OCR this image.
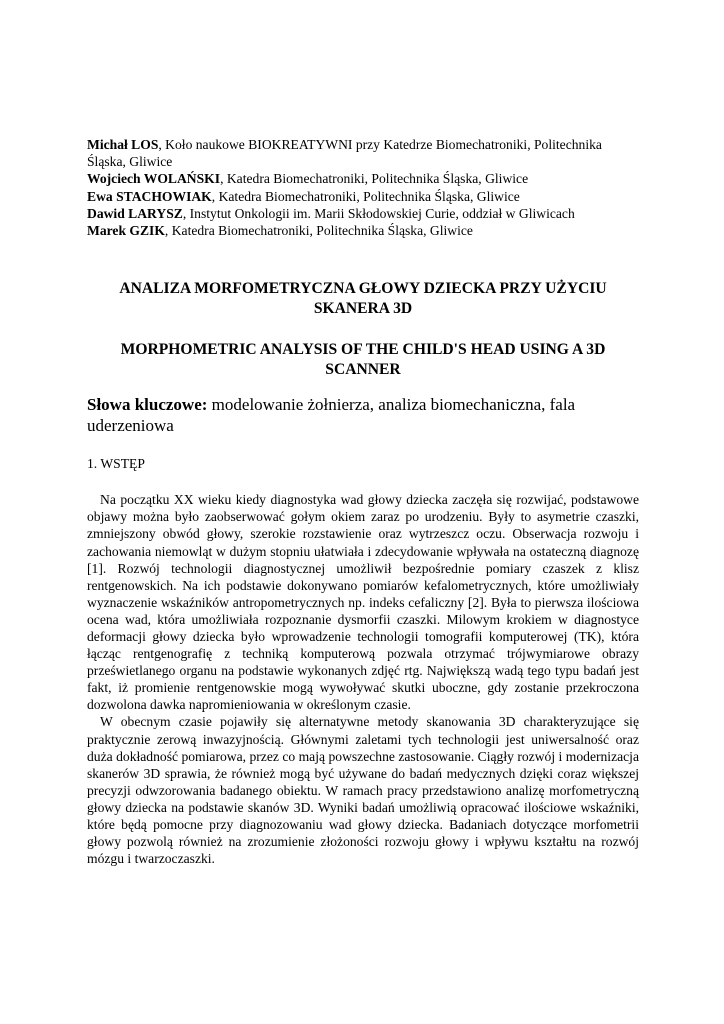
Michał LOS, Koło naukowe BIOKREATYWNI przy Katedrze Biomechatroniki, Politechnika Śląska, Gliwice
Wojciech WOLAŃSKI, Katedra Biomechatroniki, Politechnika Śląska, Gliwice
Ewa STACHOWIAK, Katedra Biomechatroniki, Politechnika Śląska, Gliwice
Dawid LARYSZ, Instytut Onkologii im. Marii Skłodowskiej Curie, oddział w Gliwicach
Marek GZIK, Katedra Biomechatroniki, Politechnika Śląska, Gliwice
ANALIZA MORFOMETRYCZNA GŁOWY DZIECKA PRZY UŻYCIU SKANERA 3D
MORPHOMETRIC ANALYSIS OF THE CHILD'S HEAD USING A 3D SCANNER
Słowa kluczowe: modelowanie żołnierza, analiza biomechaniczna, fala uderzeniowa
1. WSTĘP

Na początku XX wieku kiedy diagnostyka wad głowy dziecka zaczęła się rozwijać, podstawowe objawy można było zaobserwować gołym okiem zaraz po urodzeniu. Były to asymetrie czaszki, zmniejszony obwód głowy, szerokie rozstawienie oraz wytrzeszcz oczu. Obserwacja rozwoju i zachowania niemowląt w dużym stopniu ułatwiała i zdecydowanie wpływała na ostateczną diagnozę [1]. Rozwój technologii diagnostycznej umożliwił bezpośrednie pomiary czaszek z klisz rentgenowskich. Na ich podstawie dokonywano pomiarów kefalometrycznych, które umożliwiały wyznaczenie wskaźników antropometrycznych np. indeks cefaliczny [2]. Była to pierwsza ilościowa ocena wad, która umożliwiała rozpoznanie dysmorfii czaszki. Milowym krokiem w diagnostyce deformacji głowy dziecka było wprowadzenie technologii tomografii komputerowej (TK), która łącząc rentgenografię z techniką komputerową pozwala otrzymać trójwymiarowe obrazy prześwietlanego organu na podstawie wykonanych zdjęć rtg. Największą wadą tego typu badań jest fakt, iż promienie rentgenowskie mogą wywoływać skutki uboczne, gdy zostanie przekroczona dozwolona dawka napromieniowania w określonym czasie.

W obecnym czasie pojawiły się alternatywne metody skanowania 3D charakteryzujące się praktycznie zerową inwazyjnością. Głównymi zaletami tych technologii jest uniwersalność oraz duża dokładność pomiarowa, przez co mają powszechne zastosowanie. Ciągły rozwój i modernizacja skanerów 3D sprawia, że również mogą być używane do badań medycznych dzięki coraz większej precyzji odwzorowania badanego obiektu. W ramach pracy przedstawiono analizę morfometryczną głowy dziecka na podstawie skanów 3D. Wyniki badań umożliwią opracować ilościowe wskaźniki, które będą pomocne przy diagnozowaniu wad głowy dziecka. Badaniach dotyczące morfometrii głowy pozwolą również na zrozumienie złożoności rozwoju głowy i wpływu kształtu na rozwój mózgu i twarzoczaszki.
